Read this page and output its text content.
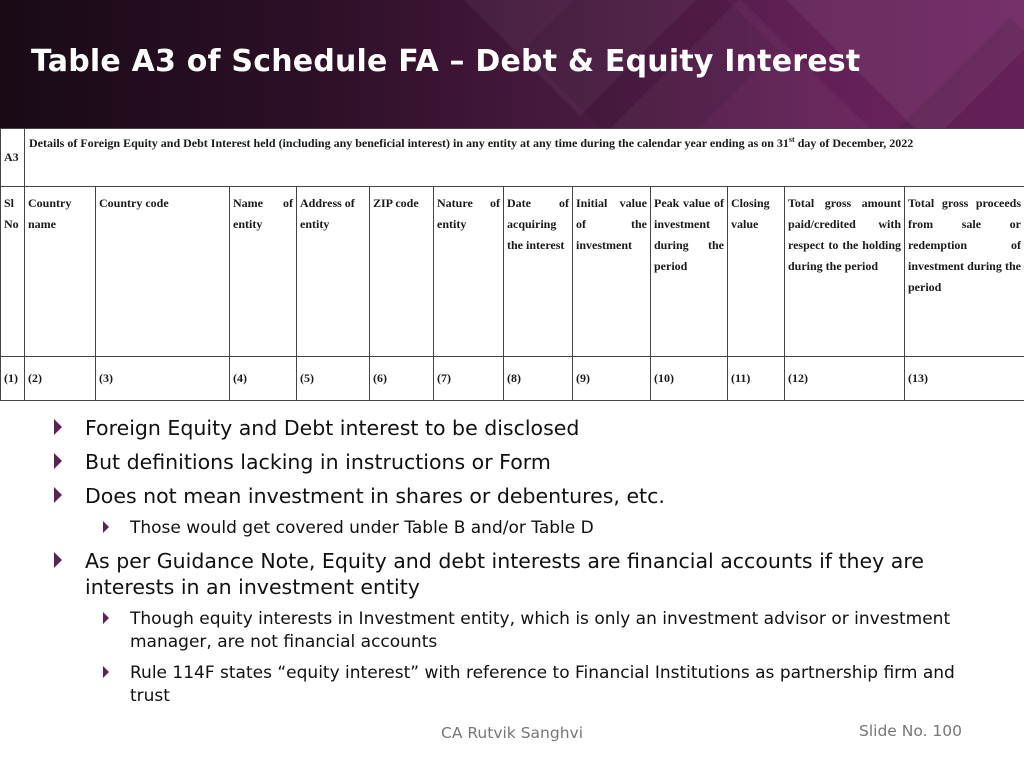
Table A3 of Schedule FA – Debt & Equity Interest
A3	Details of Foreign Equity and Debt Interest held (including any beneficial interest) in any entity at any time during the calendar year ending as on 31st day of December, 2022											
Sl No	Country name	Country code	Name of entity	Address of entity	ZIP code	Nature of entity	Date of acquiring the interest	Initial value of the investment	Peak value of investment during the period	Closing value	Total gross amount paid/credited with respect to the holding during the period	Total gross proceeds from sale or redemption of investment during the period
(1)	(2)	(3)	(4)	(5)	(6)	(7)	(8)	(9)	(10)	(11)	(12)	(13)
Foreign Equity and Debt interest to be disclosed
But definitions lacking in instructions or Form
Does not mean investment in shares or debentures, etc.
Those would get covered under Table B and/or Table D
As per Guidance Note, Equity and debt interests are financial accounts if they are interests in an investment entity
Though equity interests in Investment entity, which is only an investment advisor or investment manager, are not financial accounts
Rule 114F states “equity interest” with reference to Financial Institutions as partnership firm and trust
CA Rutvik Sanghvi	Slide No. 100
